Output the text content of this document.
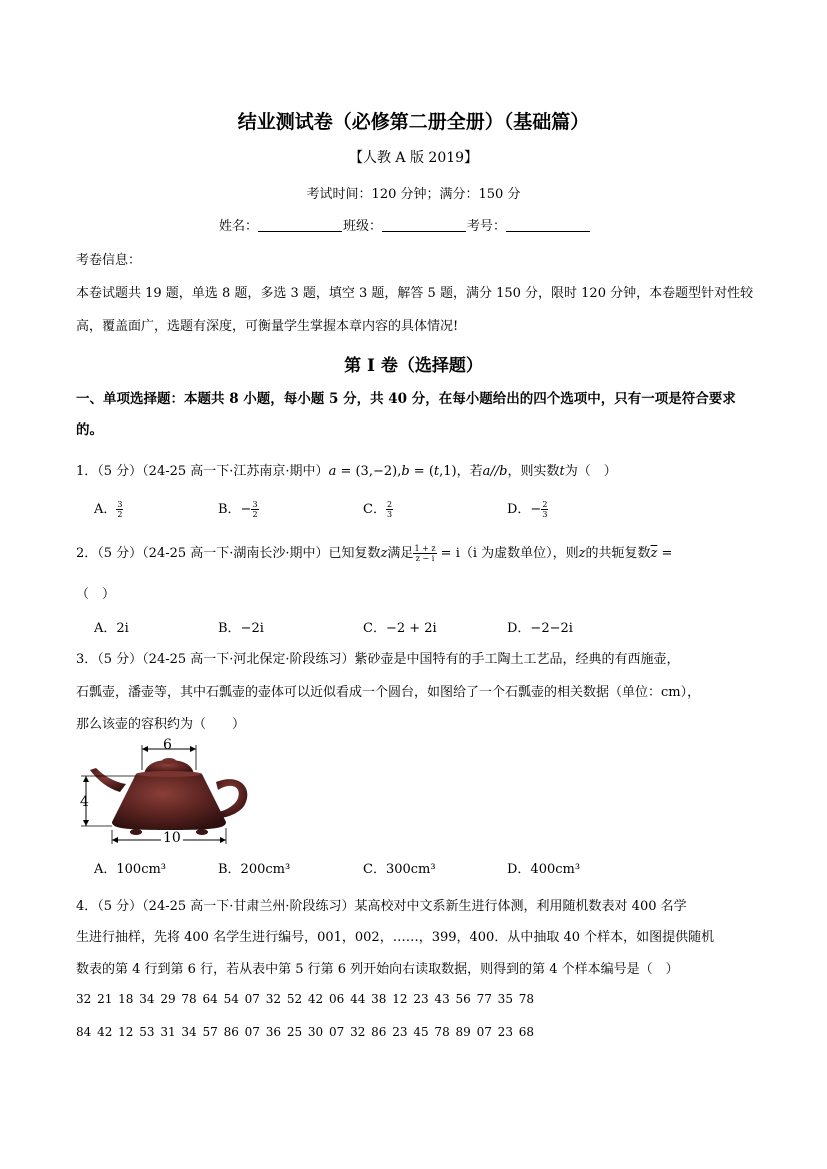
结业测试卷（必修第二册全册）（基础篇）
【人教 A 版 2019】
考试时间：120 分钟；满分：150 分
姓名：	班级：	考号：
考卷信息：
本卷试题共 19 题，单选 8 题，多选 3 题，填空 3 题，解答 5 题，满分 150 分，限时 120 分钟，本卷题型针对性较高，覆盖面广，选题有深度，可衡量学生掌握本章内容的具体情况!
第 I 卷（选择题）
一、单项选择题：本题共 8 小题，每小题 5 分，共 40 分，在每小题给出的四个选项中，只有一项是符合要求的。
1．（5 分）（24-25 高一下·江苏南京·期中）a = (3,−2),b = (t,1)，若a//b，则实数t为（　）
A． $\frac{3}{2}$	B．− $\frac{3}{2}$	C． $\frac{2}{3}$	D．− $\frac{2}{3}$
2．（5 分）（24-25 高一下·湖南长沙·期中）已知复数z满足 $\frac{1 + z}{z - i} = i(i$ 为虚数单位），则z的共轭复数$\overline{z}$ =
（　）
A．2i	B．−2i	C．−2 + 2i	D．−2−2i
3．（5 分）（24-25 高一下·河北保定·阶段练习）紫砂壶是中国特有的手工陶土工艺品，经典的有西施壶，
石瓢壶，潘壶等，其中石瓢壶的壶体可以近似看成一个圆台，如图给了一个石瓢壶的相关数据（单位：cm），
那么该壶的容积约为（　　）
6
4
10
A．100cm³	B．200cm³	C．300cm³	D．400cm³
4．（5 分）（24-25 高一下·甘肃兰州·阶段练习）某高校对中文系新生进行体测，利用随机数表对 400 名学
生进行抽样，先将 400 名学生进行编号，001，002，……，399，400．从中抽取 40 个样本，如图提供随机
数表的第 4 行到第 6 行，若从表中第 5 行第 6 列开始向右读取数据，则得到的第 4 个样本编号是（　）
32 21 18 34 29 78 64 54 07 32 52 42 06 44 38 12 23 43 56 77 35 78
84 42 12 53 31 34 57 86 07 36 25 30 07 32 86 23 45 78 89 07 23 68
